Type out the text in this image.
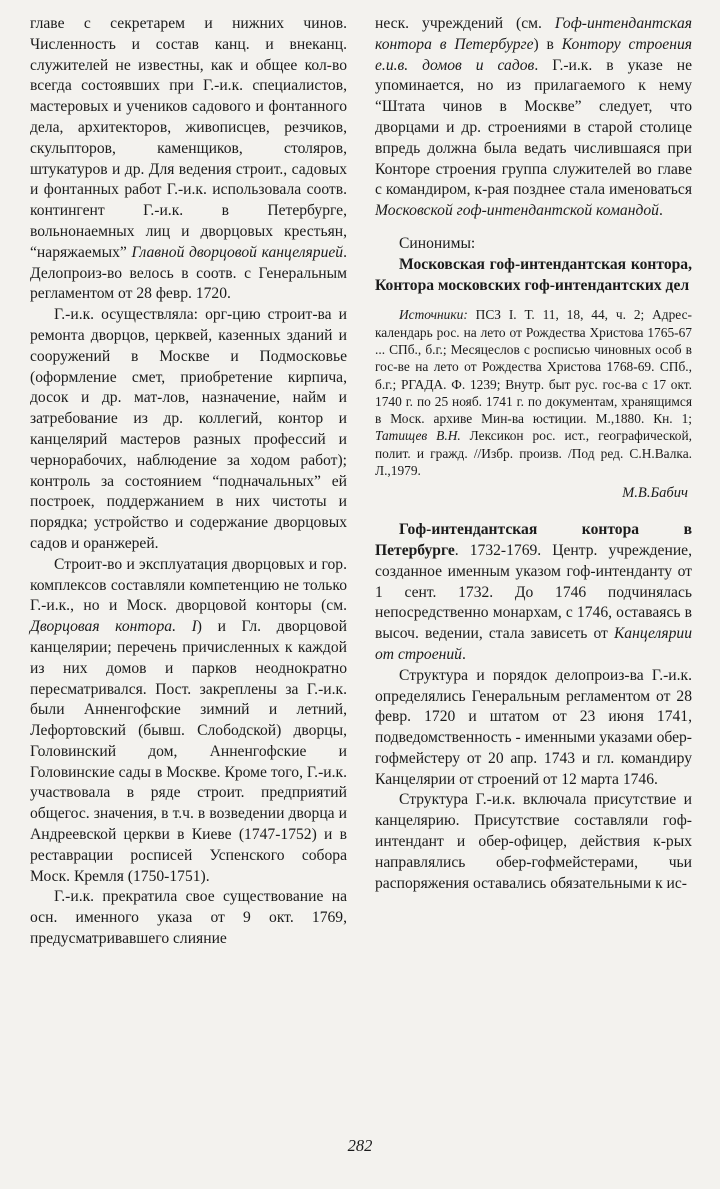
главе с секретарем и нижних чинов. Численность и состав канц. и внеканц. служителей не известны, как и общее кол-во всегда состоявших при Г.-и.к. специалистов, мастеровых и учеников садового и фонтанного дела, архитекторов, живописцев, резчиков, скульпторов, каменщиков, столяров, штукатуров и др. Для ведения строит., садовых и фонтанных работ Г.-и.к. использовала соотв. контингент Г.-и.к. в Петербурге, вольнонаемных лиц и дворцовых крестьян, “наряжаемых” Главной дворцовой канцелярией. Делопроиз-во велось в соотв. с Генеральным регламентом от 28 февр. 1720.

Г.-и.к. осуществляла: орг-цию строит-ва и ремонта дворцов, церквей, казенных зданий и сооружений в Москве и Подмосковье (оформление смет, приобретение кирпича, досок и др. мат-лов, назначение, найм и затребование из др. коллегий, контор и канцелярий мастеров разных профессий и чернорабочих, наблюдение за ходом работ); контроль за состоянием “подначальных” ей построек, поддержанием в них чистоты и порядка; устройство и содержание дворцовых садов и оранжерей.

Строит-во и эксплуатация дворцовых и гор. комплексов составляли компетенцию не только Г.-и.к., но и Моск. дворцовой конторы (см. Дворцовая контора. I) и Гл. дворцовой канцелярии; перечень причисленных к каждой из них домов и парков неоднократно пересматривался. Пост. закреплены за Г.-и.к. были Анненгофские зимний и летний, Лефортовский (бывш. Слободской) дворцы, Головинский дом, Анненгофские и Головинские сады в Москве. Кроме того, Г.-и.к. участвовала в ряде строит. предприятий общегос. значения, в т.ч. в возведении дворца и Андреевской церкви в Киеве (1747-1752) и в реставрации росписей Успенского собора Моск. Кремля (1750-1751).

Г.-и.к. прекратила свое существование на осн. именного указа от 9 окт. 1769, предусматривавшего слияние

неск. учреждений (см. Гоф-интендантская контора в Петербурге) в Контору строения е.и.в. домов и садов. Г.-и.к. в указе не упоминается, но из прилагаемого к нему “Штата чинов в Москве” следует, что дворцами и др. строениями в старой столице впредь должна была ведать числившаяся при Конторе строения группа служителей во главе с командиром, к-рая позднее стала именоваться Московской гоф-интендантской командой.

Синонимы:

Московская гоф-интендантская контора, Контора московских гоф-интендантских дел

Источники: ПСЗ I. Т. 11, 18, 44, ч. 2; Адрес-календарь рос. на лето от Рождества Христова 1765-67 ... СПб., б.г.; Месяцеслов с росписью чиновных особ в гос-ве на лето от Рождества Христова 1768-69. СПб., б.г.; РГАДА. Ф. 1239; Внутр. быт рус. гос-ва с 17 окт. 1740 г. по 25 нояб. 1741 г. по документам, хранящимся в Моск. архиве Мин-ва юстиции. М.,1880. Кн. 1; Татищев В.Н. Лексикон рос. ист., географической, полит. и гражд. //Избр. произв. /Под ред. С.Н.Валка. Л.,1979.

М.В.Бабич

Гоф-интендантская контора в Петербурге. 1732-1769. Центр. учреждение, созданное именным указом гоф-интенданту от 1 сент. 1732. До 1746 подчинялась непосредственно монархам, с 1746, оставаясь в высоч. ведении, стала зависеть от Канцелярии от строений.

Структура и порядок делопроиз-ва Г.-и.к. определялись Генеральным регламентом от 28 февр. 1720 и штатом от 23 июня 1741, подведомственность - именными указами обер-гофмейстеру от 20 апр. 1743 и гл. командиру Канцелярии от строений от 12 марта 1746.

Структура Г.-и.к. включала присутствие и канцелярию. Присутствие составляли гоф-интендант и обер-офицер, действия к-рых направлялись обер-гофмейстерами, чьи распоряжения оставались обязательными к ис-

282
